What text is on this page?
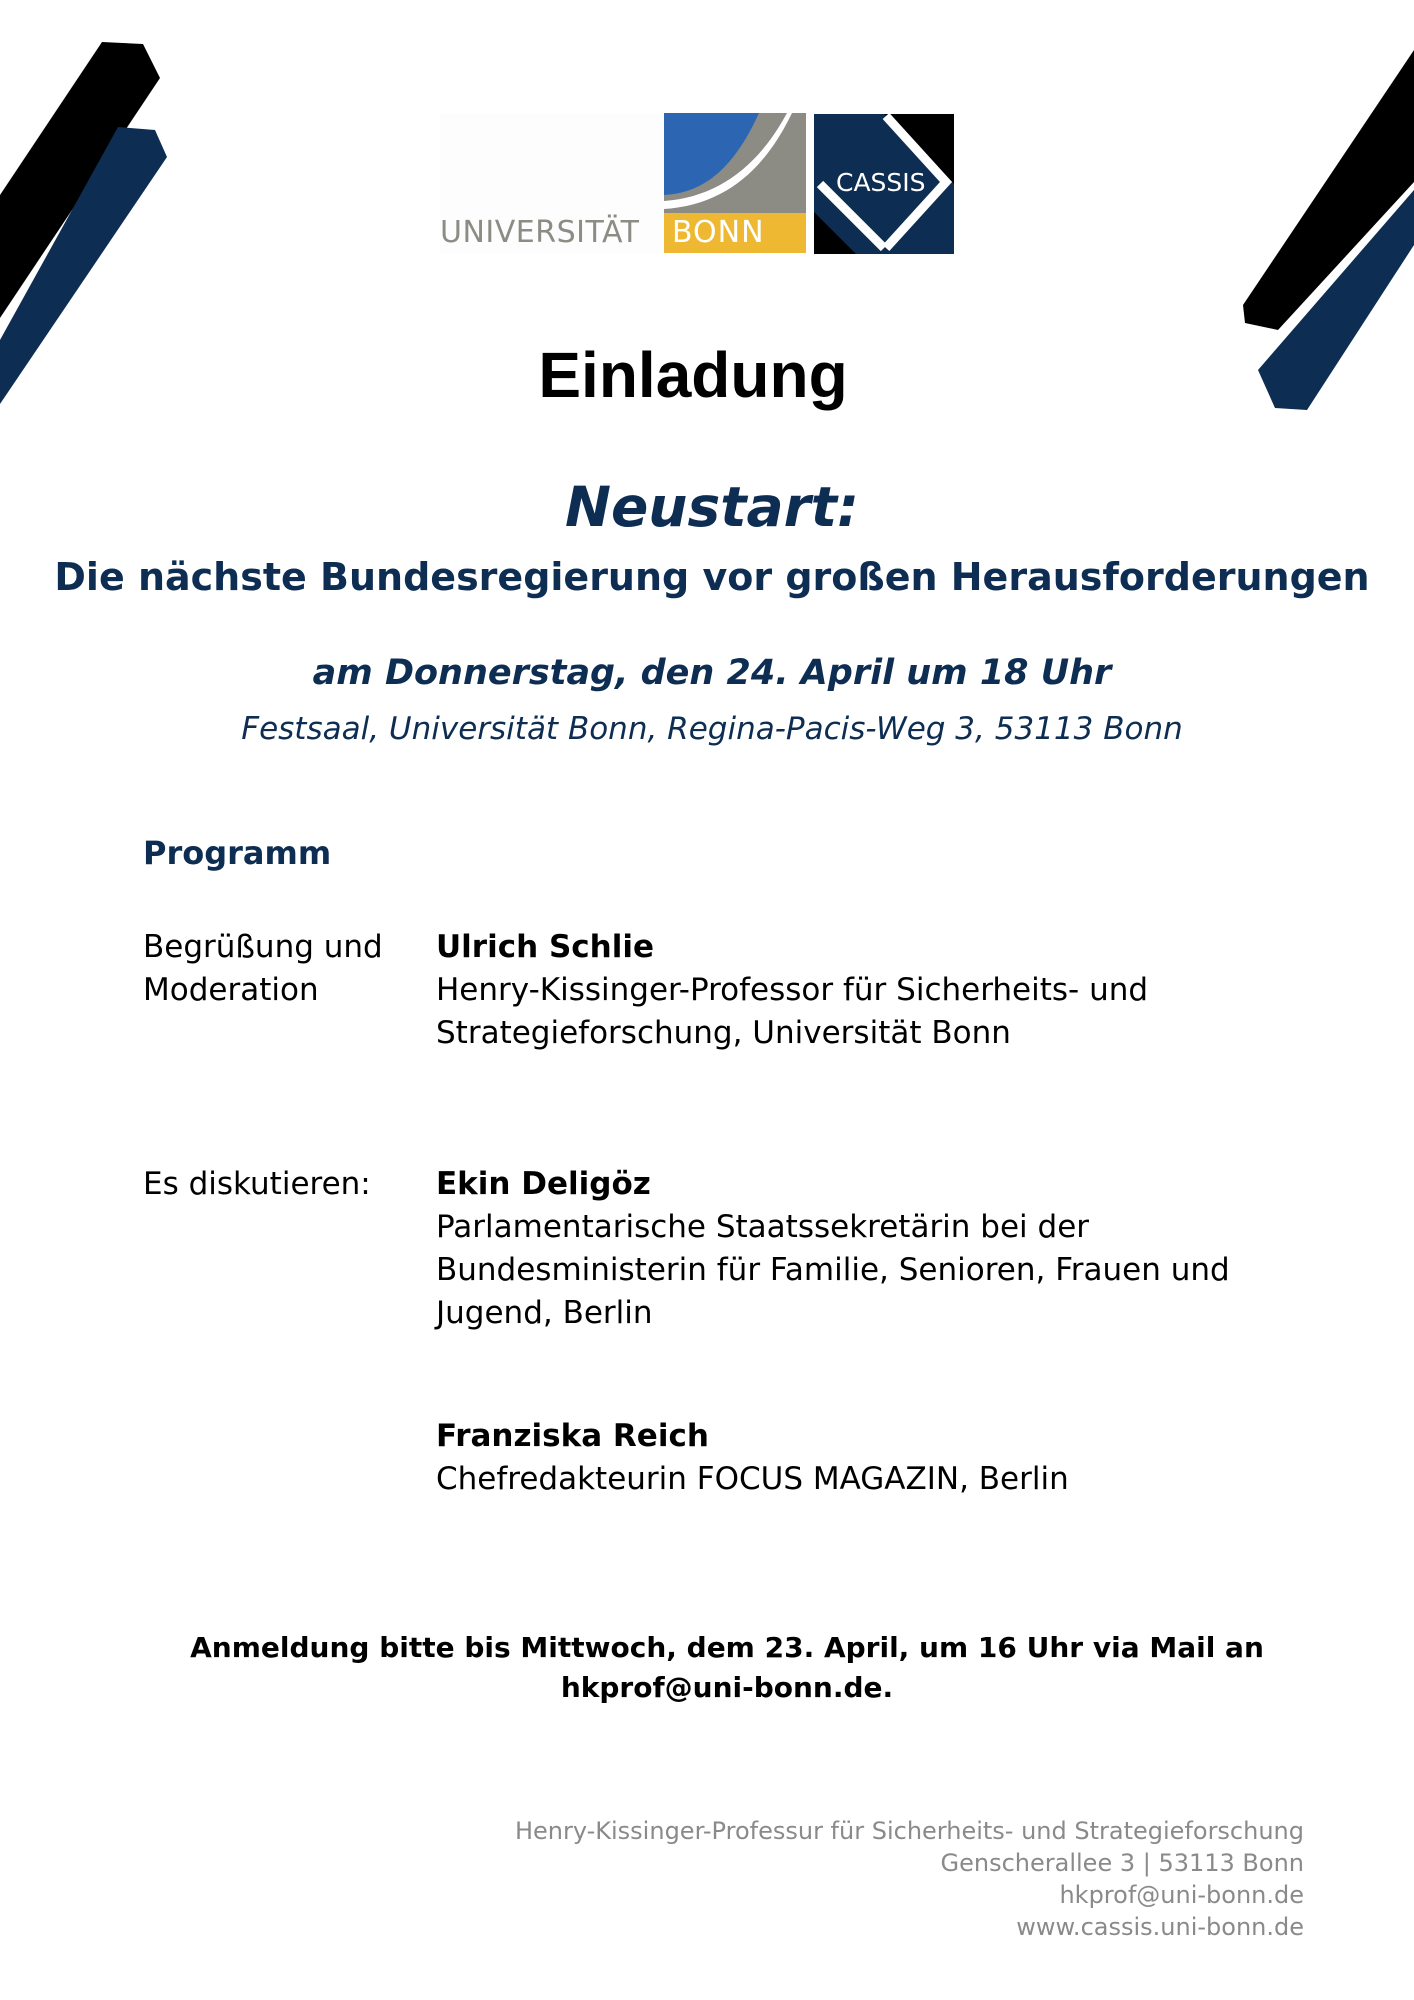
UNIVERSITÄT BONN
CASSIS
Einladung
Neustart:
Die nächste Bundesregierung vor großen Herausforderungen
am Donnerstag, den 24. April um 18 Uhr
Festsaal, Universität Bonn, Regina-Pacis-Weg 3, 53113 Bonn
Programm
Begrüßung und Moderation
Ulrich Schlie
Henry-Kissinger-Professor für Sicherheits- und
Strategieforschung, Universität Bonn
Es diskutieren:	Ekin Deligöz
Parlamentarische Staatssekretärin bei der
Bundesministerin für Familie, Senioren, Frauen und
Jugend, Berlin
Franziska Reich
Chefredakteurin FOCUS MAGAZIN, Berlin
Anmeldung bitte bis Mittwoch, dem 23. April, um 16 Uhr via Mail an
hkprof@uni-bonn.de.
Henry-Kissinger-Professur für Sicherheits- und Strategieforschung
Genscherallee 3 | 53113 Bonn
hkprof@uni-bonn.de
www.cassis.uni-bonn.de
